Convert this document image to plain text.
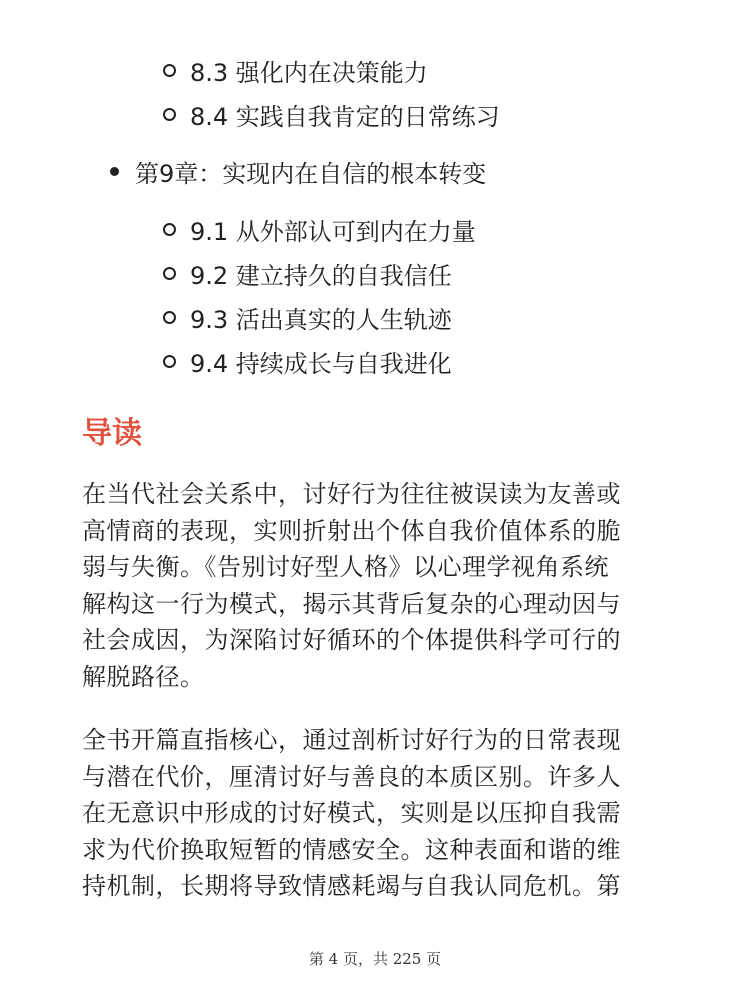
8.3 强化内在决策能力
8.4 实践自我肯定的日常练习
第9章：实现内在自信的根本转变
9.1 从外部认可到内在力量
9.2 建立持久的自我信任
9.3 活出真实的人生轨迹
9.4 持续成长与自我进化
导读

在当代社会关系中，讨好行为往往被误读为友善或
高情商的表现，实则折射出个体自我价值体系的脆
弱与失衡。《告别讨好型人格》以心理学视角系统
解构这一行为模式，揭示其背后复杂的心理动因与
社会成因，为深陷讨好循环的个体提供科学可行的
解脱路径。

全书开篇直指核心，通过剖析讨好行为的日常表现
与潜在代价，厘清讨好与善良的本质区别。许多人
在无意识中形成的讨好模式，实则是以压抑自我需
求为代价换取短暂的情感安全。这种表面和谐的维
持机制，长期将导致情感耗竭与自我认同危机。第

第 4 页，共 225 页
